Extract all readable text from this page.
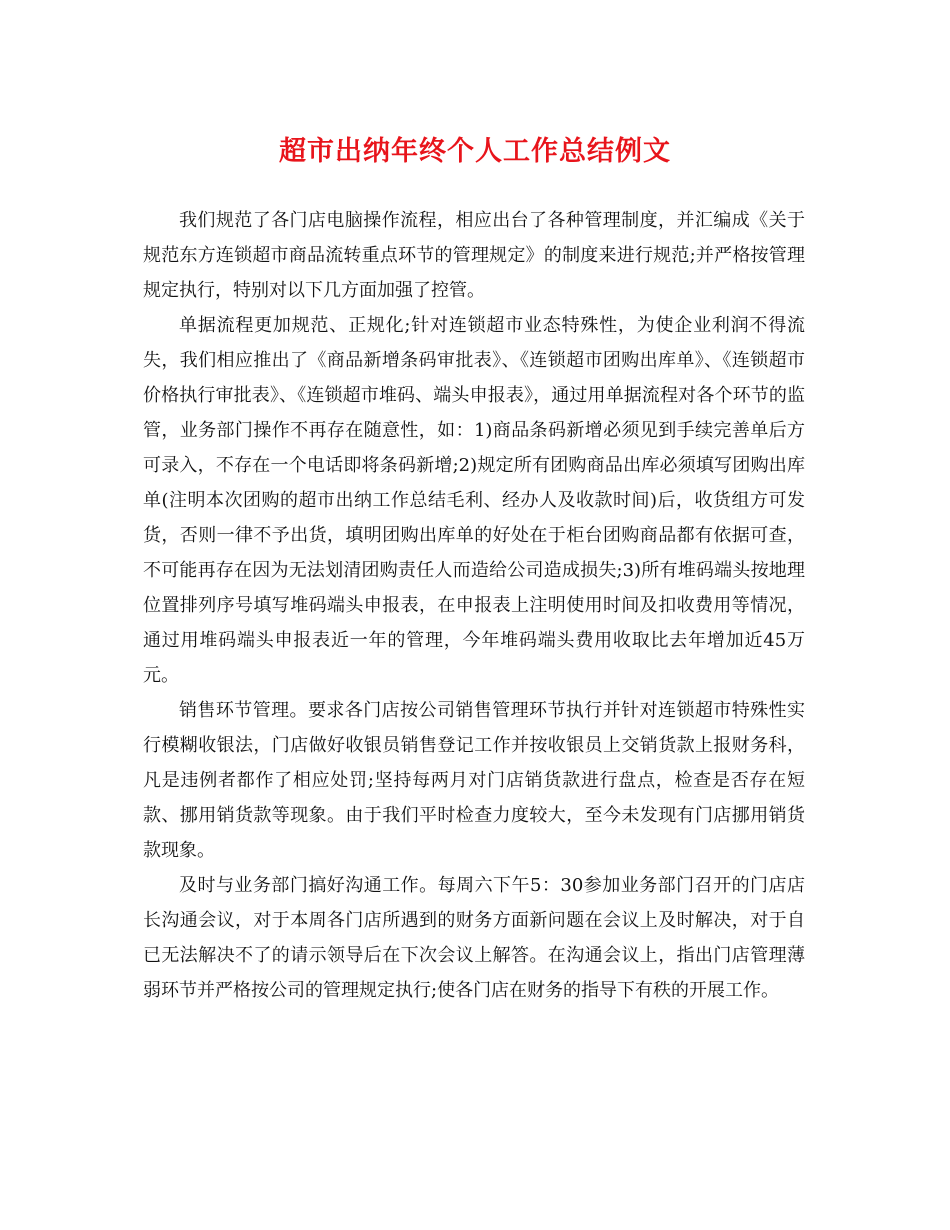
超市出纳年终个人工作总结例文

我们规范了各门店电脑操作流程，相应出台了各种管理制度，并汇编成《关于规范东方连锁超市商品流转重点环节的管理规定》的制度来进行规范;并严格按管理规定执行，特别对以下几方面加强了控管。

单据流程更加规范、正规化;针对连锁超市业态特殊性，为使企业利润不得流失，我们相应推出了《商品新增条码审批表》、《连锁超市团购出库单》、《连锁超市价格执行审批表》、《连锁超市堆码、端头申报表》，通过用单据流程对各个环节的监管，业务部门操作不再存在随意性，如：1)商品条码新增必须见到手续完善单后方可录入，不存在一个电话即将条码新增;2)规定所有团购商品出库必须填写团购出库单(注明本次团购的超市出纳工作总结毛利、经办人及收款时间)后，收货组方可发货，否则一律不予出货，填明团购出库单的好处在于柜台团购商品都有依据可查，不可能再存在因为无法划清团购责任人而造给公司造成损失;3)所有堆码端头按地理位置排列序号填写堆码端头申报表，在申报表上注明使用时间及扣收费用等情况，通过用堆码端头申报表近一年的管理，今年堆码端头费用收取比去年增加近45万元。

销售环节管理。要求各门店按公司销售管理环节执行并针对连锁超市特殊性实行模糊收银法，门店做好收银员销售登记工作并按收银员上交销货款上报财务科，凡是违例者都作了相应处罚;坚持每两月对门店销货款进行盘点，检查是否存在短款、挪用销货款等现象。由于我们平时检查力度较大，至今未发现有门店挪用销货款现象。

及时与业务部门搞好沟通工作。每周六下午5：30参加业务部门召开的门店店长沟通会议，对于本周各门店所遇到的财务方面新问题在会议上及时解决，对于自已无法解决不了的请示领导后在下次会议上解答。在沟通会议上，指出门店管理薄弱环节并严格按公司的管理规定执行;使各门店在财务的指导下有秩的开展工作。
